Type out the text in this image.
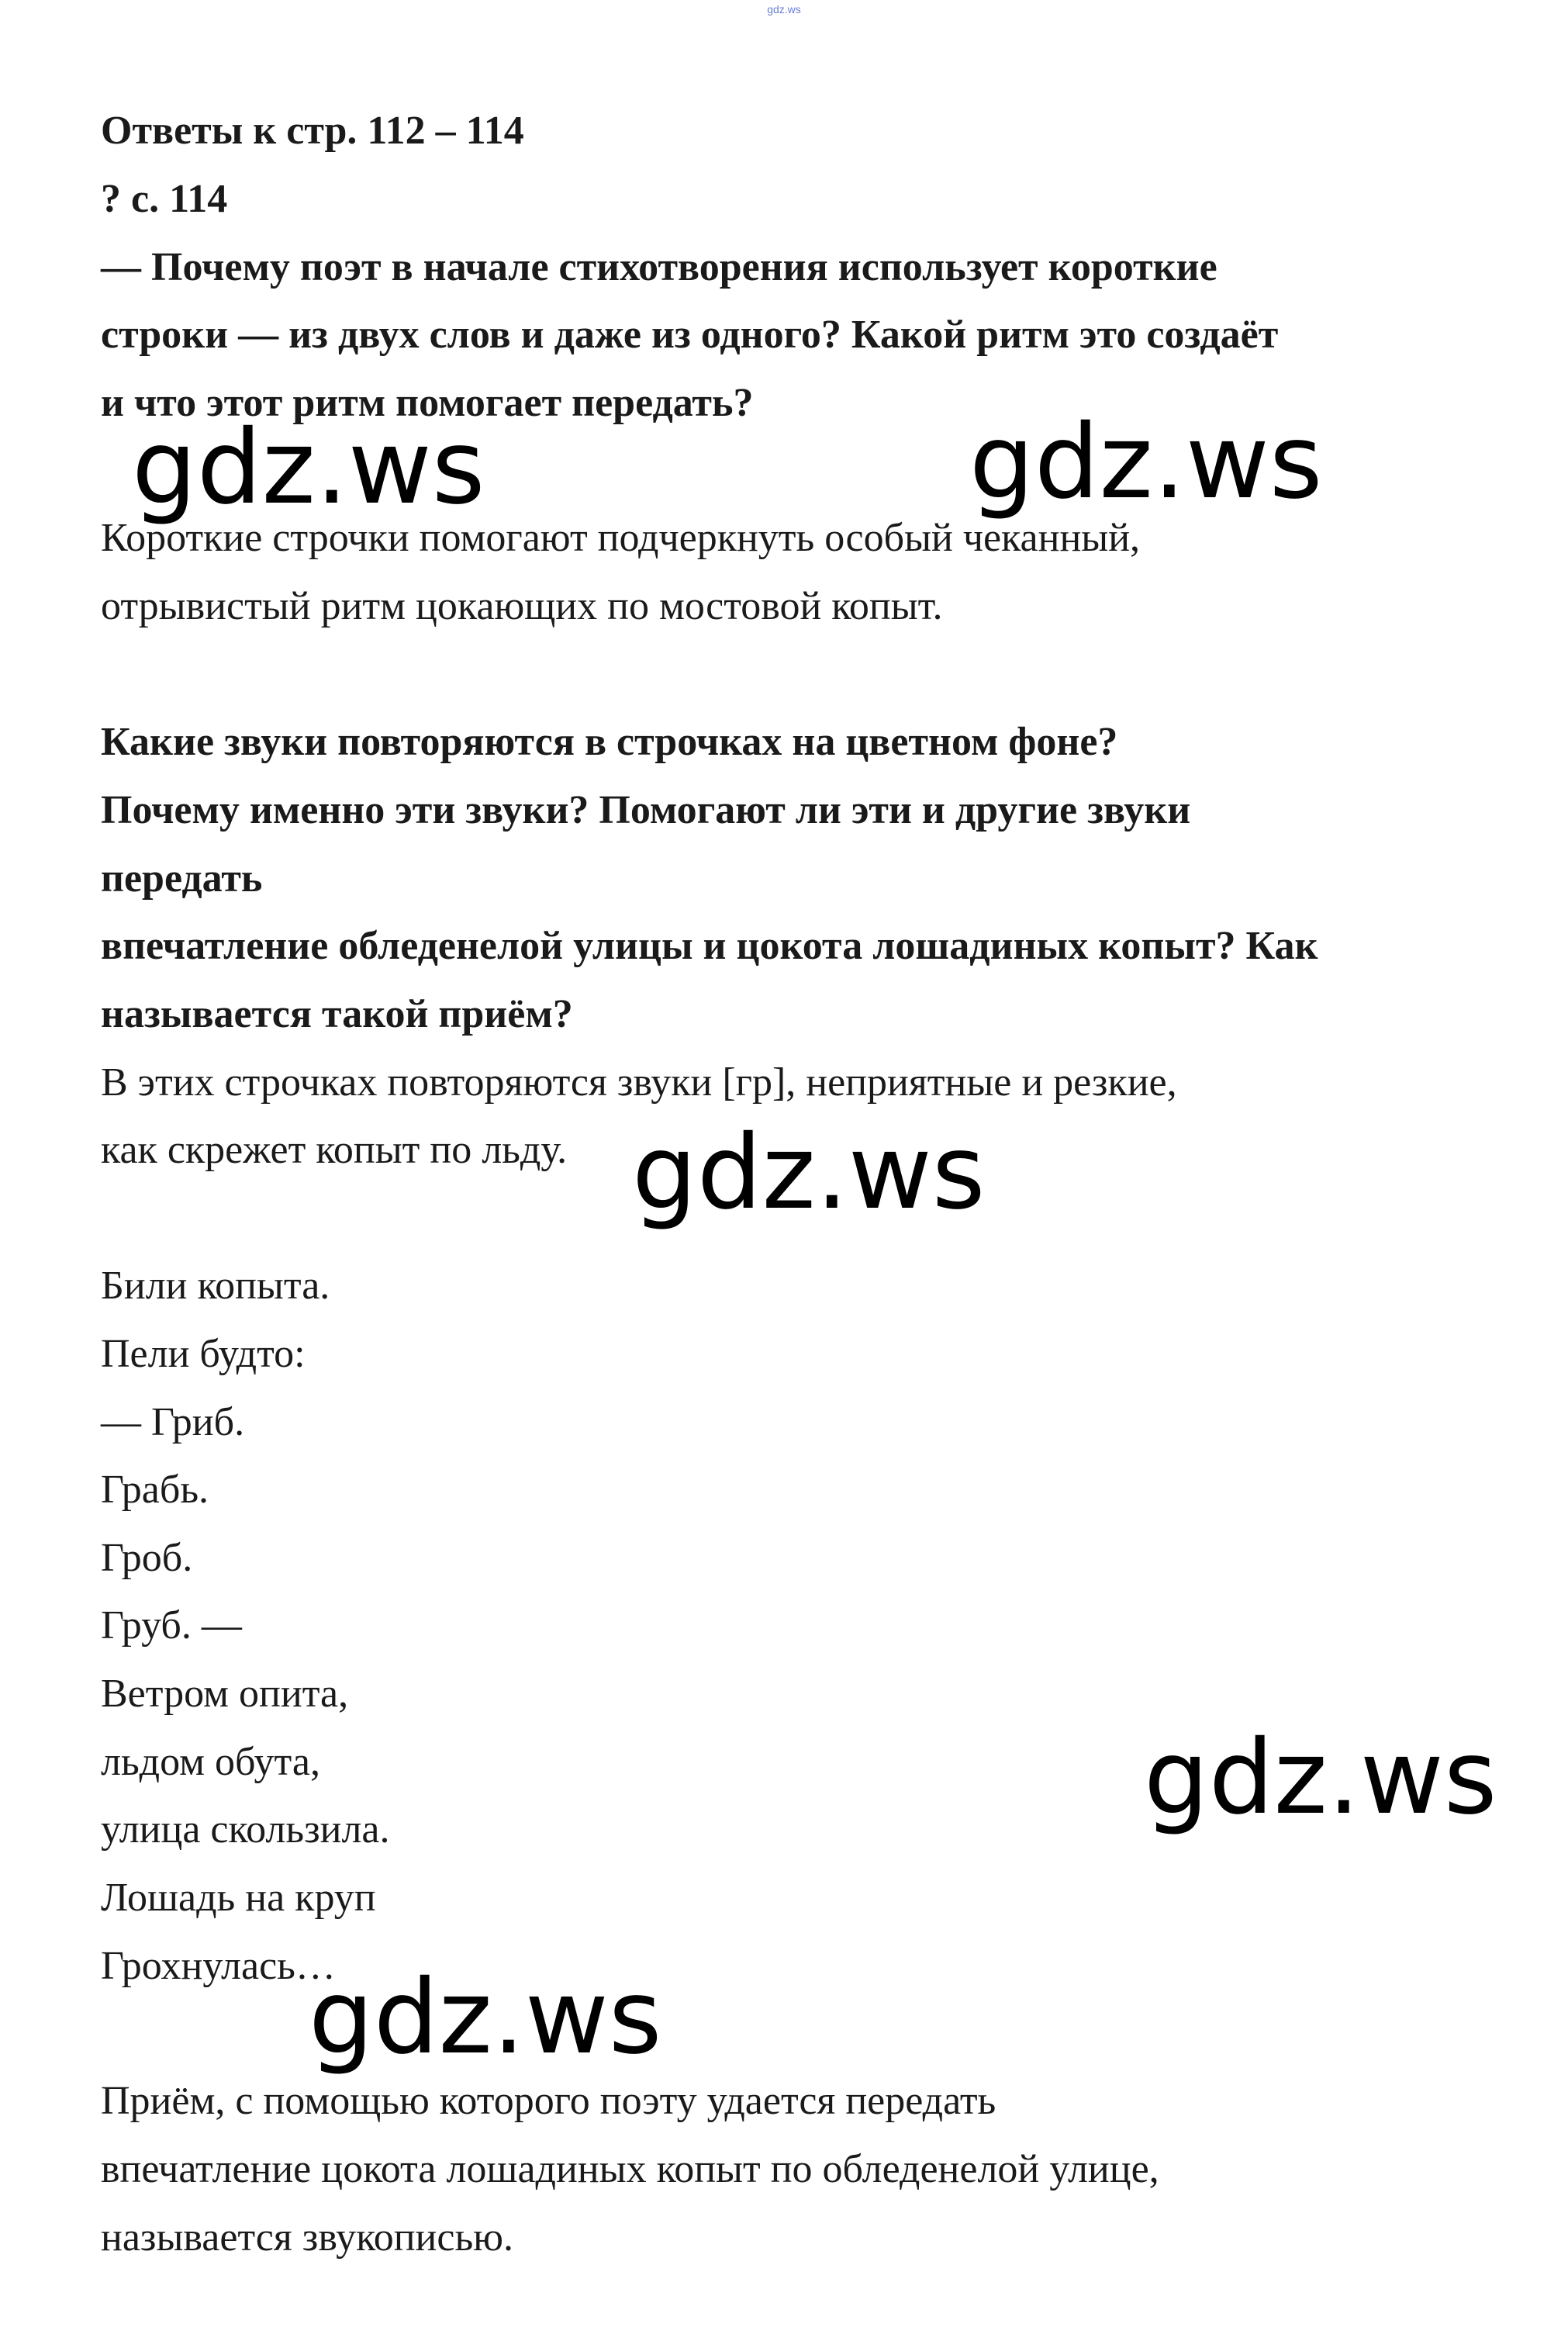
gdz.ws
Ответы к стр. 112 – 114
? с. 114
— Почему поэт в начале стихотворения использует короткие
строки — из двух слов и даже из одного? Какой ритм это создаёт
и что этот ритм помогает передать?
Короткие строчки помогают подчеркнуть особый чеканный,
отрывистый ритм цокающих по мостовой копыт.
Какие звуки повторяются в строчках на цветном фоне?
Почему именно эти звуки? Помогают ли эти и другие звуки
передать
впечатление обледенелой улицы и цокота лошадиных копыт? Как
называется такой приём?
В этих строчках повторяются звуки [гр], неприятные и резкие,
как скрежет копыт по льду.
Били копыта.
Пели будто:
— Гриб.
Грабь.
Гроб.
Груб. —
Ветром опита,
льдом обута,
улица скользила.
Лошадь на круп
Грохнулась…
Приём, с помощью которого поэту удается передать
впечатление цокота лошадиных копыт по обледенелой улице,
называется звукописью.
gdz.ws	gdz.ws
gdz.ws
gdz.ws
gdz.ws
